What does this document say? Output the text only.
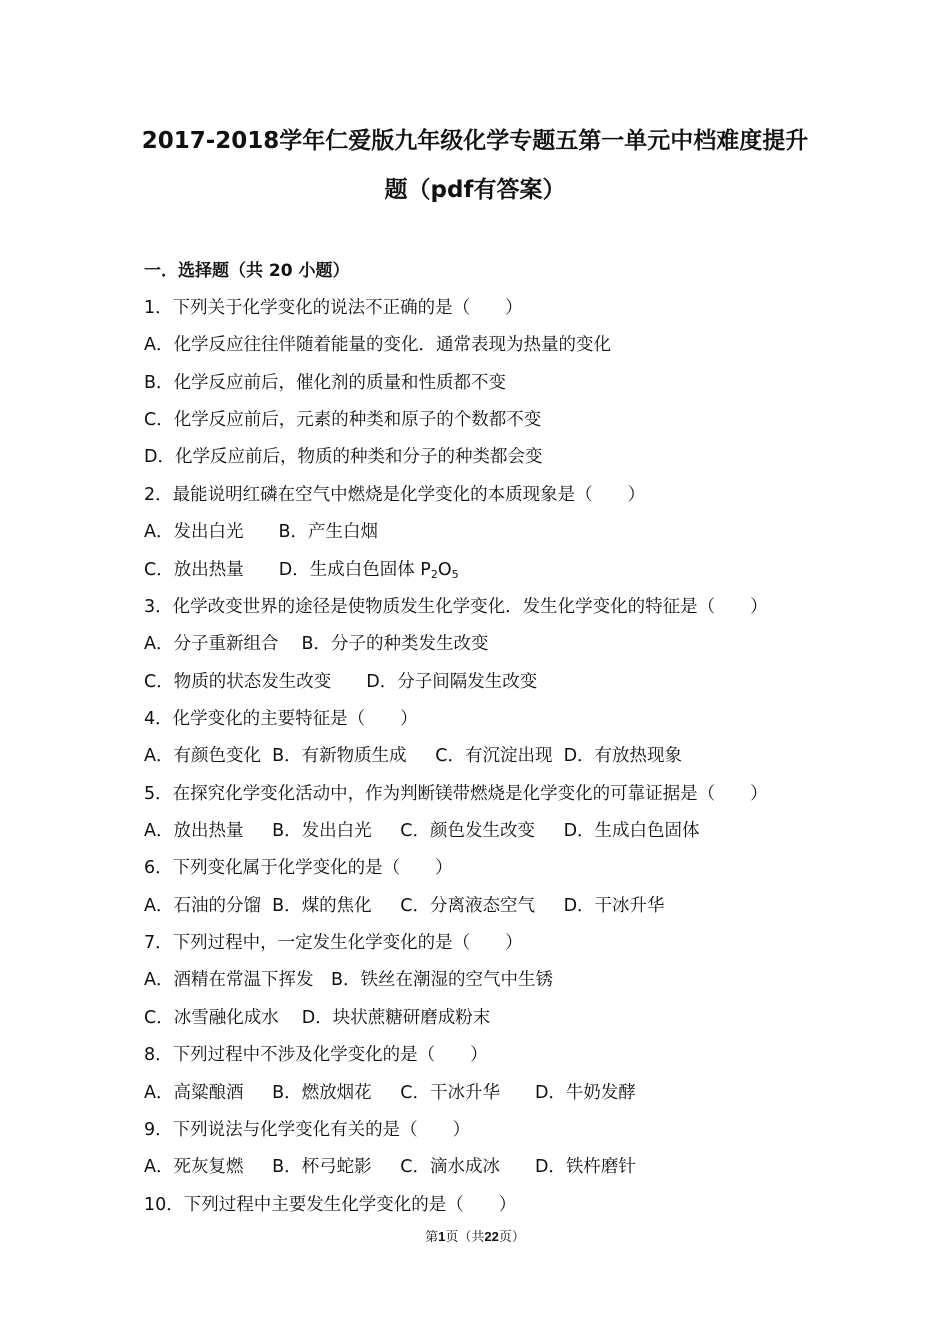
2017-2018学年仁爱版九年级化学专题五第一单元中档难度提升
题（pdf有答案）
一．选择题（共 20 小题）
1．下列关于化学变化的说法不正确的是（　　）
A．化学反应往往伴随着能量的变化．通常表现为热量的变化
B．化学反应前后，催化剂的质量和性质都不变
C．化学反应前后，元素的种类和原子的个数都不变
D．化学反应前后，物质的种类和分子的种类都会变
2．最能说明红磷在空气中燃烧是化学变化的本质现象是（　　）
A．发出白光　　B．产生白烟
C．放出热量　　D．生成白色固体 $P_2O_5$
3．化学改变世界的途径是使物质发生化学变化．发生化学变化的特征是（　　）
A．分子重新组合　 B．分子的种类发生改变
C．物质的状态发生改变　　D．分子间隔发生改变
4．化学变化的主要特征是（　　）
A．有颜色变化  B．有新物质生成　  C．有沉淀出现  D．有放热现象
5．在探究化学变化活动中，作为判断镁带燃烧是化学变化的可靠证据是（　　）
A．放出热量　  B．发出白光　  C．颜色发生改变　  D．生成白色固体
6．下列变化属于化学变化的是（　　）
A．石油的分馏  B．煤的焦化　  C．分离液态空气　  D．干冰升华
7．下列过程中，一定发生化学变化的是（　　）
A．酒精在常温下挥发　B．铁丝在潮湿的空气中生锈
C．冰雪融化成水　 D．块状蔗糖研磨成粉末
8．下列过程中不涉及化学变化的是（　　）
A．高粱酿酒　  B．燃放烟花　  C．干冰升华　　D．牛奶发酵
9．下列说法与化学变化有关的是（　　）
A．死灰复燃　  B．杯弓蛇影　  C．滴水成冰　　D．铁杵磨针
10．下列过程中主要发生化学变化的是（　　）
第1页（共22页）
